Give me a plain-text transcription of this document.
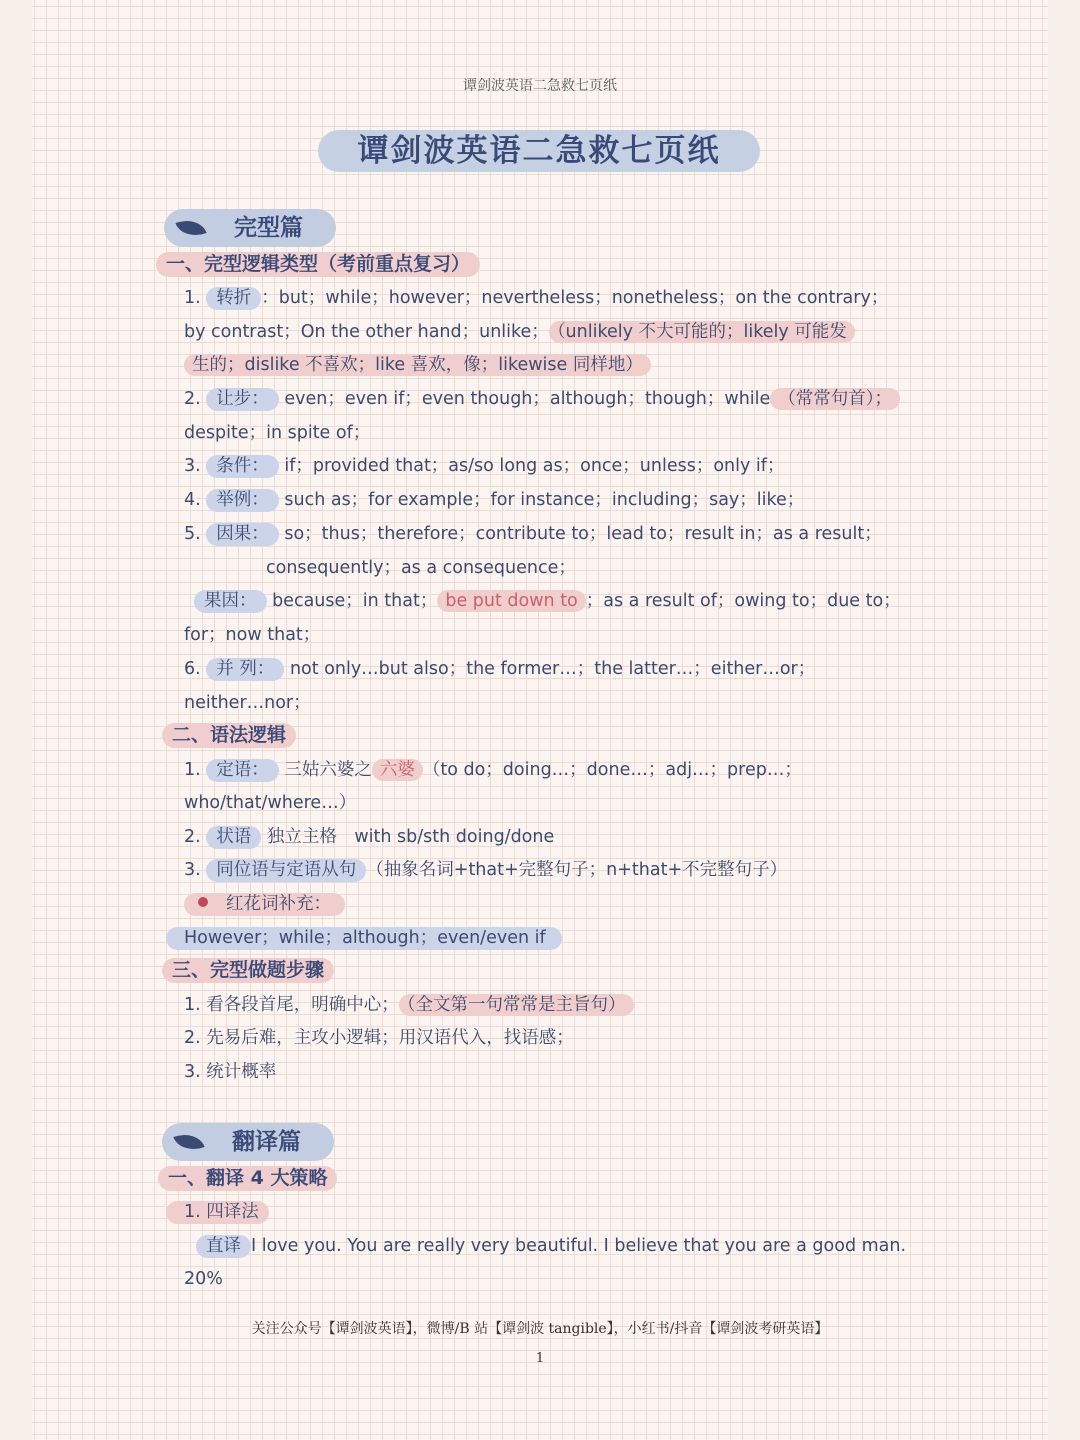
谭剑波英语二急救七页纸
谭剑波英语二急救七页纸
完型篇
一、完型逻辑类型（考前重点复习）
1. 转折 ：but；while；however；nevertheless；nonetheless；on the contrary；
by contrast；On the other hand；unlike； （unlikely 不大可能的；likely 可能发
生的；dislike 不喜欢；like 喜欢，像；likewise 同样地）
2. 让步： even；even if；even though；although；though；while （常常句首）；
despite；in spite of；
3. 条件： if；provided that；as/so long as；once；unless；only if；
4. 举例： such as；for example；for instance；including；say；like；
5. 因果： so；thus；therefore；contribute to；lead to；result in；as a result；
consequently；as a consequence；
果因： because；in that； be put down to ；as a result of；owing to；due to；
for；now that；
6. 并 列： not only…but also；the former…；the latter…；either…or；
neither…nor；
二、语法逻辑
1. 定语： 三姑六婆之 六婆 （to do；doing…；done…；adj…；prep…；
who/that/where…）
2. 状语 独立主格　with sb/sth doing/done
3. 同位语与定语从句 （抽象名词+that+完整句子；n+that+不完整句子）
红花词补充：
However；while；although；even/even if
三、完型做题步骤
1. 看各段首尾，明确中心； （全文第一句常常是主旨句）
2. 先易后难，主攻小逻辑；用汉语代入，找语感；
3. 统计概率
翻译篇
一、翻译 4 大策略
1. 四译法
直译 I love you. You are really very beautiful. I believe that you are a good man.
20%
关注公众号【谭剑波英语】，微博/B 站【谭剑波 tangible】，小红书/抖音【谭剑波考研英语】
1
